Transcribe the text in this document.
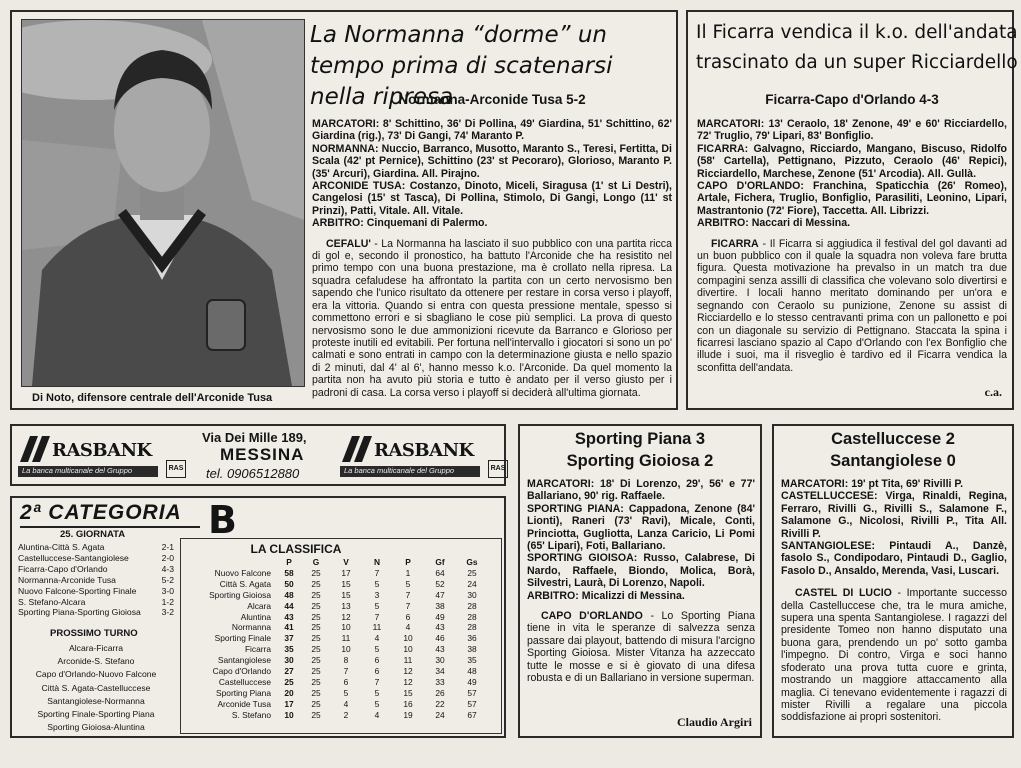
Di Noto, difensore centrale dell'Arconide Tusa
La Normanna “dorme” un tempo prima di scatenarsi nella ripresa
Normanna-Arconide Tusa 5-2

MARCATORI: 8' Schittino, 36' Di Pollina, 49' Giardina, 51' Schittino, 62' Giardina (rig.), 73' Di Gangi, 74' Maranto P.
NORMANNA: Nuccio, Barranco, Musotto, Maranto S., Teresi, Fertitta, Di Scala (42' pt Pernice), Schittino (23' st Pecoraro), Glorioso, Maranto P. (35' Arcuri), Giardina. All. Pirajno.
ARCONIDE TUSA: Costanzo, Dinoto, Miceli, Siragusa (1' st Li Destri), Cangelosi (15' st Tasca), Di Pollina, Stimolo, Di Gangi, Longo (11' st Prinzi), Patti, Vitale. All. Vitale.
ARBITRO: Cinquemani di Palermo.

CEFALU' - La Normanna ha lasciato il suo pubblico con una partita ricca di gol e, secondo il pronostico, ha battuto l'Arconide che ha resistito nel primo tempo con una buona prestazione, ma è crollato nella ripresa. La squadra cefaludese ha affrontato la partita con un certo nervosismo ben sapendo che l'unico risultato da ottenere per restare in corsa verso i playoff, era la vittoria. Quando si entra con questa pressione mentale, spesso si commettono errori e si sbagliano le cose più semplici. La prova di questo nervosismo sono le due ammonizioni ricevute da Barranco e Glorioso per proteste inutili ed evitabili. Per fortuna nell'intervallo i giocatori si sono un po' calmati e sono entrati in campo con la determinazione giusta e nello spazio di 2 minuti, dal 4' al 6', hanno messo k.o. l'Arconide. Da quel momento la partita non ha avuto più storia e tutto è andato per il verso giusto per i padroni di casa. La corsa verso i playoff si deciderà all'ultima giornata.

Il Ficarra vendica il k.o. dell'andata
trascinato da un super Ricciardello
Ficarra-Capo d'Orlando 4-3

MARCATORI: 13' Ceraolo, 18' Zenone, 49' e 60' Ricciardello, 72' Truglio, 79' Lipari, 83' Bonfiglio.
FICARRA: Galvagno, Ricciardo, Mangano, Biscuso, Ridolfo (58' Cartella), Pettignano, Pizzuto, Ceraolo (46' Repici), Ricciardello, Marchese, Zenone (51' Arcodia). All. Gullà.
CAPO D'ORLANDO: Franchina, Spaticchia (26' Romeo), Artale, Fichera, Truglio, Bonfiglio, Parasiliti, Leonino, Lipari, Mastrantonio (72' Fiore), Taccetta. All. Librizzi.
ARBITRO: Naccari di Messina.

FICARRA - Il Ficarra si aggiudica il festival del gol davanti ad un buon pubblico con il quale la squadra non voleva fare brutta figura. Questa motivazione ha prevalso in un match tra due compagini senza assilli di classifica che volevano solo divertirsi e divertire. I locali hanno meritato dominando per un'ora e segnando con Ceraolo su punizione, Zenone su assist di Ricciardello e lo stesso centravanti prima con un pallonetto e poi con un diagonale su servizio di Pettignano. Staccata la spina i ficarresi lasciano spazio al Capo d'Orlando con l'ex Bonfiglio che illude i suoi, ma il risveglio è tardivo ed il Ficarra vendica la sconfitta dell'andata.

c.a.
RASBANK
La banca multicanale del Gruppo	RAS
Via Dei Mille 189,
MESSINA
tel. 0906512880
RASBANK
La banca multicanale del Gruppo	RAS
2ª CATEGORIA B
25. GIORNATA
Aluntina-Città S. Agata	2-1
Castelluccese-Santangiolese	2-0
Ficarra-Capo d'Orlando	4-3
Normanna-Arconide Tusa	5-2
Nuovo Falcone-Sporting Finale	3-0
S. Stefano-Alcara	1-2
Sporting Piana-Sporting Gioiosa	3-2
PROSSIMO TURNO
Alcara-Ficarra
Arconide-S. Stefano
Capo d'Orlando-Nuovo Falcone
Città S. Agata-Castelluccese
Santangiolese-Normanna
Sporting Finale-Sporting Piana
Sporting Gioiosa-Aluntina
LA CLASSIFICA
	P	G	V	N	P	Gf	Gs
Nuovo Falcone	58	25	17	7	1	64	25
Città S. Agata	50	25	15	5	5	52	24
Sporting Gioiosa	48	25	15	3	7	47	30
Alcara	44	25	13	5	7	38	28
Aluntina	43	25	12	7	6	49	28
Normanna	41	25	10	11	4	43	28
Sporting Finale	37	25	11	4	10	46	36
Ficarra	35	25	10	5	10	43	38
Santangiolese	30	25	8	6	11	30	35
Capo d'Orlando	27	25	7	6	12	34	48
Castelluccese	25	25	6	7	12	33	49
Sporting Piana	20	25	5	5	15	26	57
Arconide Tusa	17	25	4	5	16	22	57
S. Stefano	10	25	2	4	19	24	67
Sporting Piana 3
Sporting Gioiosa 2

MARCATORI: 18' Di Lorenzo, 29', 56' e 77' Ballariano, 90' rig. Raffaele.
SPORTING PIANA: Cappadona, Zenone (84' Lionti), Raneri (73' Ravi), Micale, Conti, Princiotta, Gugliotta, Lanza Caricio, Li Pomi (65' Lipari), Foti, Ballariano.
SPORTING GIOISOA: Russo, Calabrese, Di Nardo, Raffaele, Biondo, Molica, Borà, Silvestri, Laurà, Di Lorenzo, Napoli.
ARBITRO: Micalizzi di Messina.

CAPO D'ORLANDO - Lo Sporting Piana tiene in vita le speranze di salvezza senza passare dai playout, battendo di misura l'arcigno Sporting Gioiosa. Mister Vitanza ha azzeccato tutte le mosse e si è giovato di una difesa robusta e di un Ballariano in versione superman.

Claudio Argiri
Castelluccese 2
Santangiolese 0

MARCATORI: 19' pt Tita, 69' Rivilli P.
CASTELLUCCESE: Virga, Rinaldi, Regina, Ferraro, Rivilli G., Rivilli S., Salamone F., Salamone G., Nicolosi, Rivilli P., Tita All. Rivilli P.
SANTANGIOLESE: Pintaudi A., Danzè, fasolo S., Condipodaro, Pintaudi D., Gaglio, Fasolo D., Ansaldo, Merenda, Vasi, Luscari.

CASTEL DI LUCIO - Importante successo della Castelluccese che, tra le mura amiche, supera una spenta Santangiolese. I ragazzi del presidente Tomeo non hanno disputato una buona gara, prendendo un po' sotto gamba l'impegno. Di contro, Virga e soci hanno sfoderato una prova tutta cuore e grinta, mostrando un maggiore attaccamento alla maglia. Ci tenevano evidentemente i ragazzi di mister Rivilli a regalare una piccola soddisfazione ai propri sostenitori.
